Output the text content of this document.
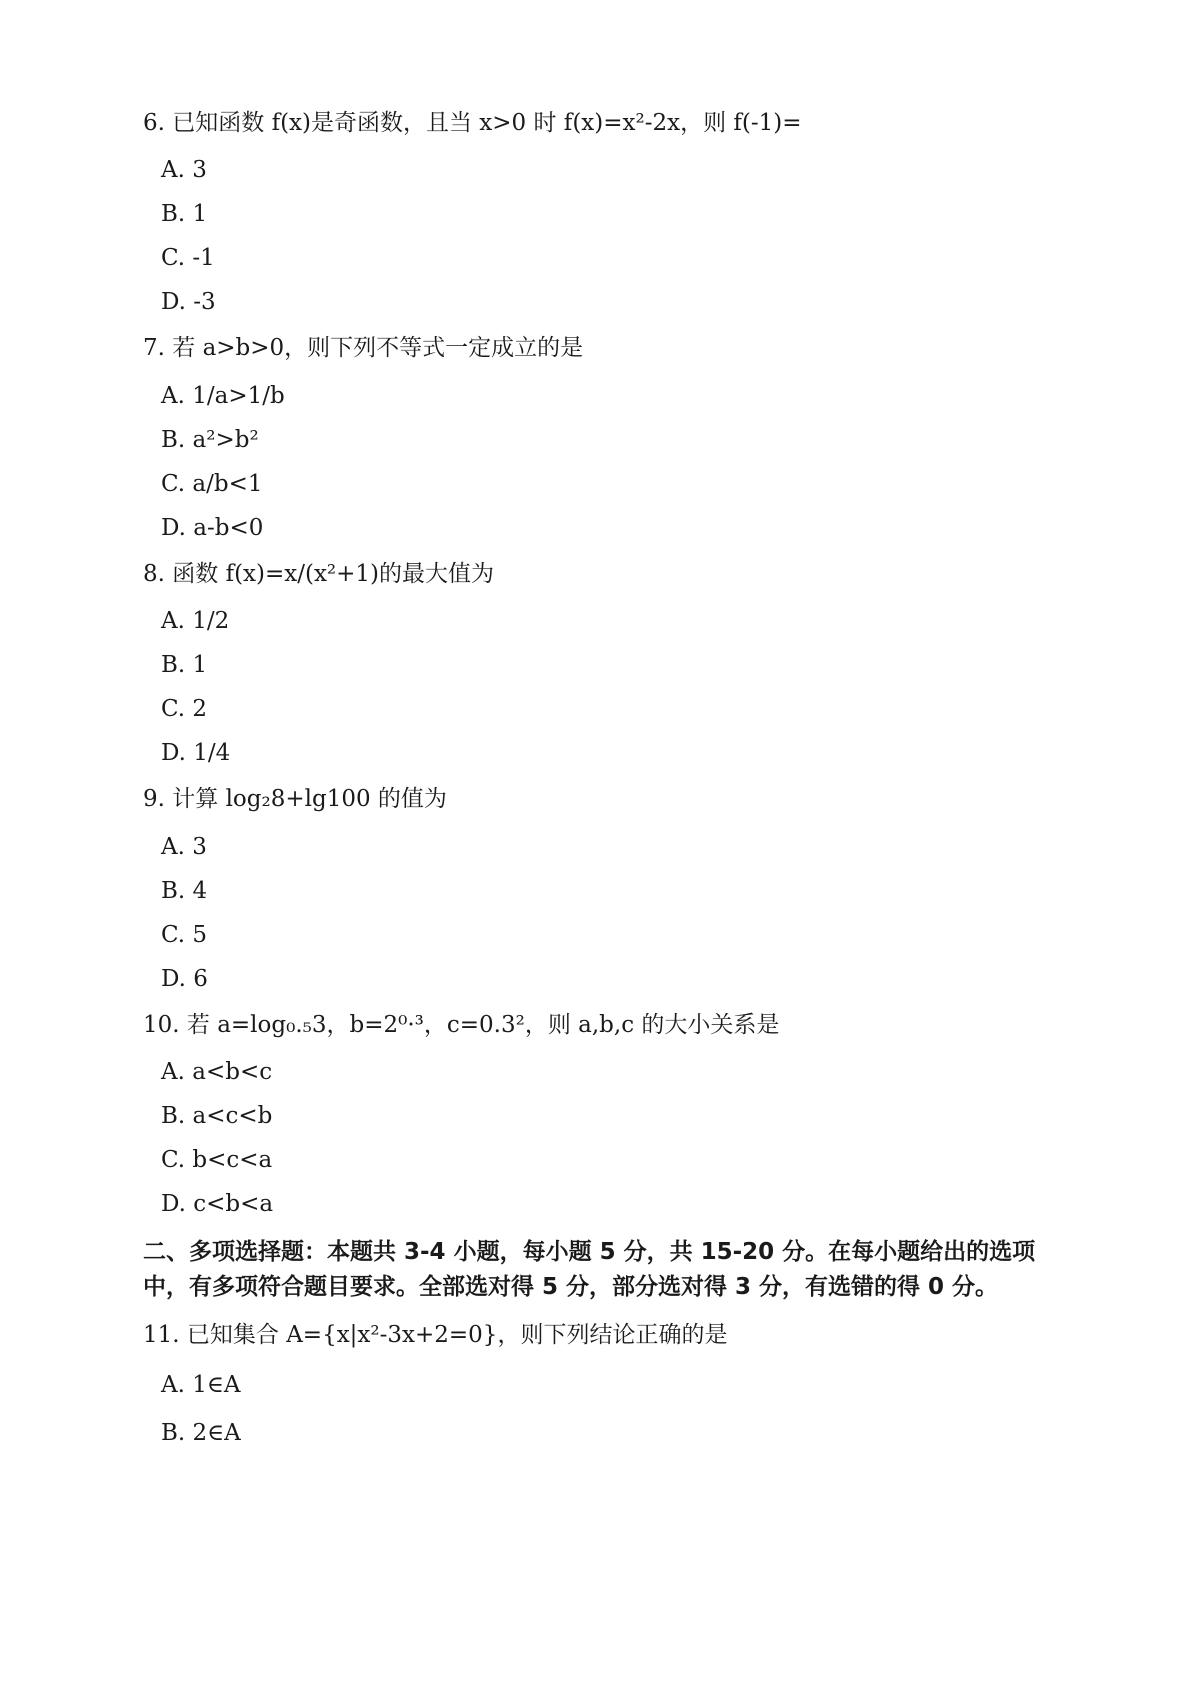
6. 已知函数 f(x)是奇函数，且当 x>0 时 f(x)=x²-2x，则 f(-1)=
A. 3
B. 1
C. -1
D. -3
7. 若 a>b>0，则下列不等式一定成立的是
A. 1/a>1/b
B. a²>b²
C. a/b<1
D. a-b<0
8. 函数 f(x)=x/(x²+1)的最大值为
A. 1/2
B. 1
C. 2
D. 1/4
9. 计算 log₂8+lg100 的值为
A. 3
B. 4
C. 5
D. 6
10. 若 a=log₀.₅3，b=2⁰·³，c=0.3²，则 a,b,c 的大小关系是
A. a<b<c
B. a<c<b
C. b<c<a
D. c<b<a
二、多项选择题：本题共 3-4 小题，每小题 5 分，共 15-20 分。在每小题给出的选项
中，有多项符合题目要求。全部选对得 5 分，部分选对得 3 分，有选错的得 0 分。
11. 已知集合 A={x|x²-3x+2=0}，则下列结论正确的是
A. 1∈A
B. 2∈A
